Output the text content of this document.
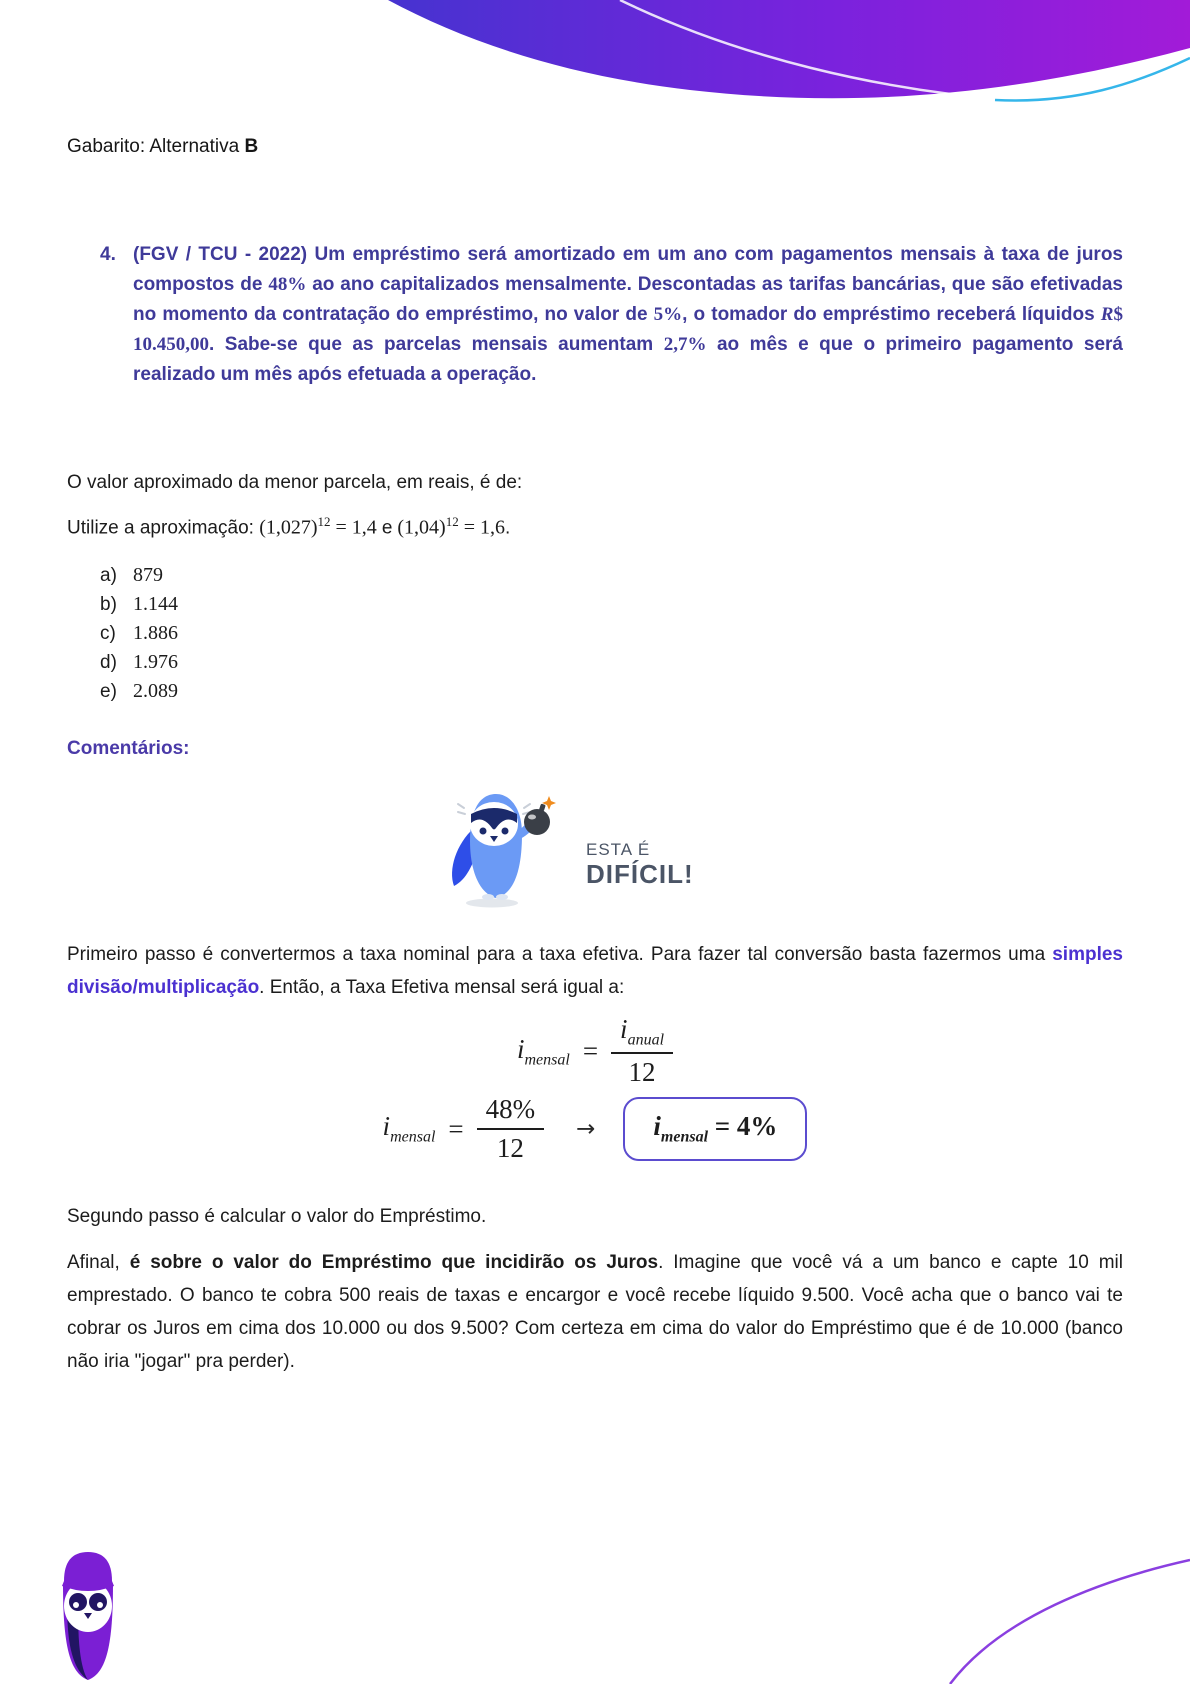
Gabarito: Alternativa B
4. (FGV / TCU - 2022) Um empréstimo será amortizado em um ano com pagamentos mensais à taxa de juros compostos de 48% ao ano capitalizados mensalmente. Descontadas as tarifas bancárias, que são efetivadas no momento da contratação do empréstimo, no valor de 5%, o tomador do empréstimo receberá líquidos R$ 10.450,00. Sabe-se que as parcelas mensais aumentam 2,7% ao mês e que o primeiro pagamento será realizado um mês após efetuada a operação.
O valor aproximado da menor parcela, em reais, é de:
Utilize a aproximação: $(1,027)^{12} = 1,4$ e $(1,04)^{12} = 1,6$.
a) 879
b) 1.144
c) 1.886
d) 1.976
e) 2.089
Comentários:
ESTA É
DIFÍCIL!
Primeiro passo é convertermos a taxa nominal para a taxa efetiva. Para fazer tal conversão basta fazermos uma simples divisão/multiplicação. Então, a Taxa Efetiva mensal será igual a:
$i_{mensal}$ =
$i_{anual}$
12
$i_{mensal} = \frac{48\%}{12}$ →	$i_{mensal} = 4\%$
Segundo passo é calcular o valor do Empréstimo.
Afinal, é sobre o valor do Empréstimo que incidirão os Juros. Imagine que você vá a um banco e capte 10 mil emprestado. O banco te cobra 500 reais de taxas e encargor e você recebe líquido 9.500. Você acha que o banco vai te cobrar os Juros em cima dos 10.000 ou dos 9.500? Com certeza em cima do valor do Empréstimo que é de 10.000 (banco não iria "jogar" pra perder).
